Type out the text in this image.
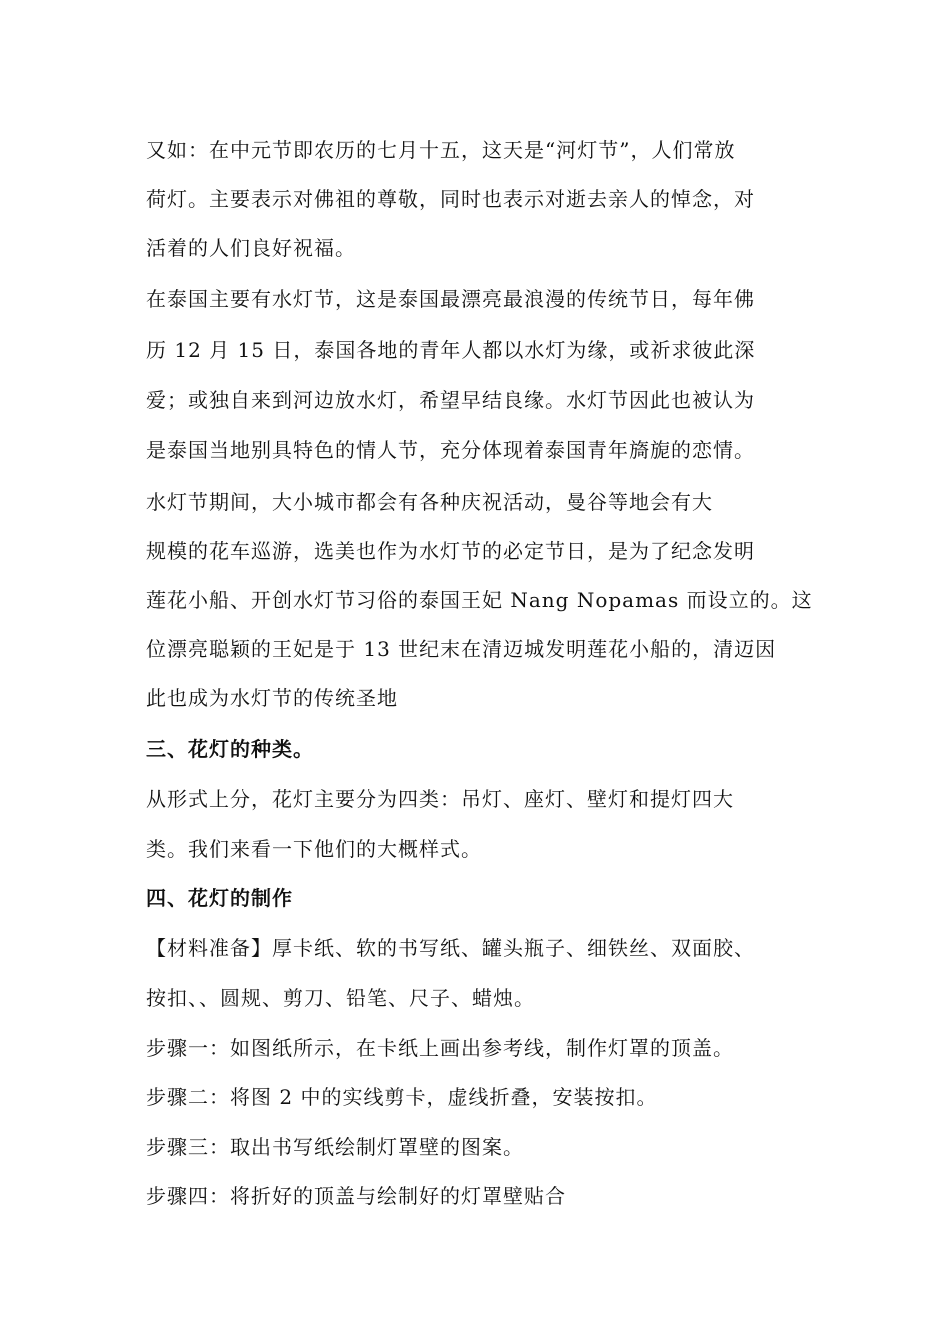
又如：在中元节即农历的七月十五，这天是“河灯节”，人们常放
荷灯。主要表示对佛祖的尊敬，同时也表示对逝去亲人的悼念，对
活着的人们良好祝福。
在泰国主要有水灯节，这是泰国最漂亮最浪漫的传统节日，每年佛
历 12 月 15 日，泰国各地的青年人都以水灯为缘，或祈求彼此深
爱；或独自来到河边放水灯，希望早结良缘。水灯节因此也被认为
是泰国当地别具特色的情人节，充分体现着泰国青年旖旎的恋情。
水灯节期间，大小城市都会有各种庆祝活动，曼谷等地会有大
规模的花车巡游，选美也作为水灯节的必定节日，是为了纪念发明
莲花小船、开创水灯节习俗的泰国王妃 Nang Nopamas 而设立的。这
位漂亮聪颖的王妃是于 13 世纪末在清迈城发明莲花小船的，清迈因
此也成为水灯节的传统圣地
三、花灯的种类。
从形式上分，花灯主要分为四类：吊灯、座灯、壁灯和提灯四大
类。我们来看一下他们的大概样式。
四、花灯的制作
【材料准备】厚卡纸、软的书写纸、罐头瓶子、细铁丝、双面胶、
按扣、、圆规、剪刀、铅笔、尺子、蜡烛。
步骤一：如图纸所示，在卡纸上画出参考线，制作灯罩的顶盖。
步骤二：将图 2 中的实线剪卡，虚线折叠，安装按扣。
步骤三：取出书写纸绘制灯罩壁的图案。
步骤四：将折好的顶盖与绘制好的灯罩壁贴合
